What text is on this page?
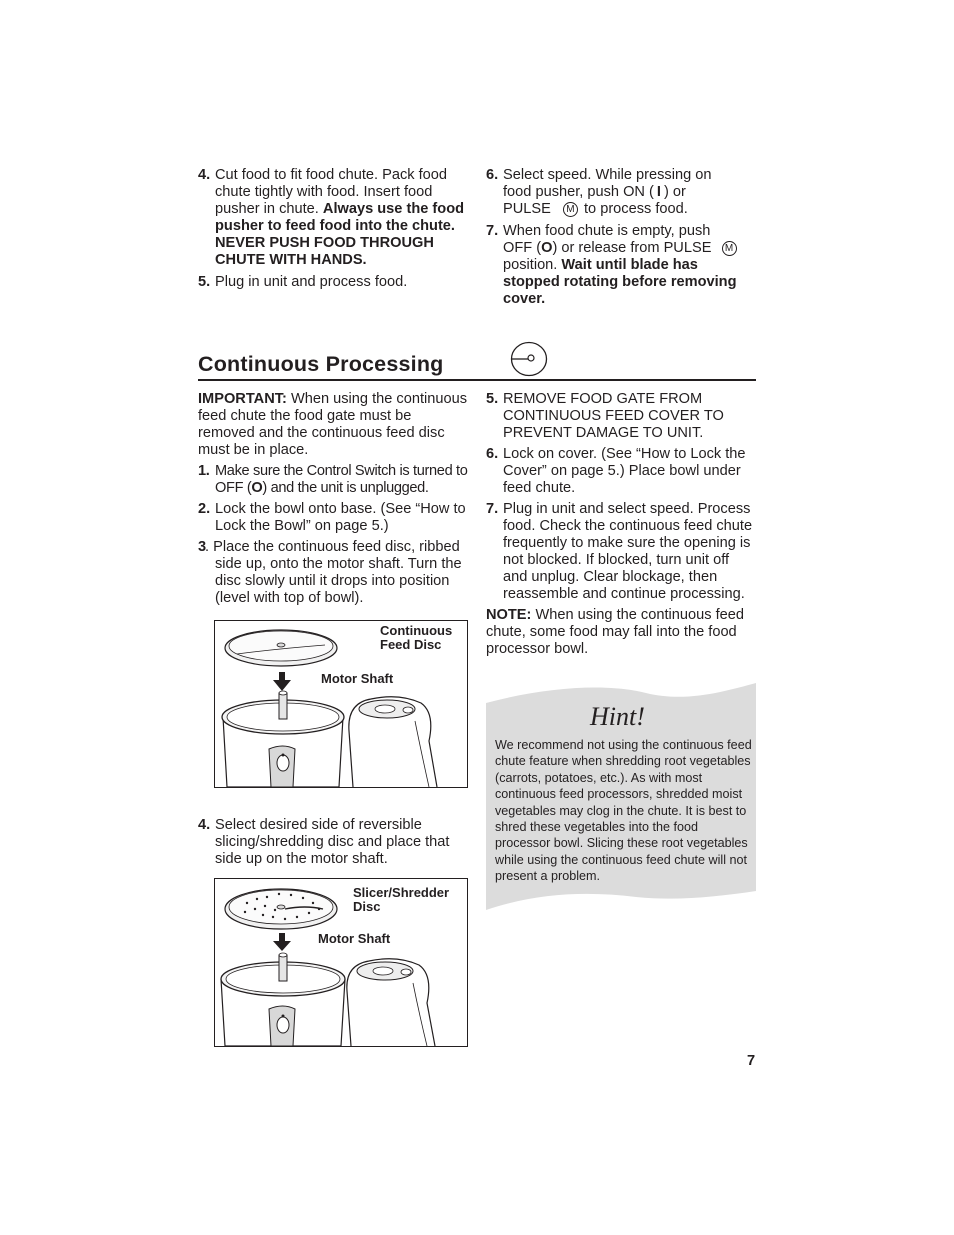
4. Cut food to fit food chute. Pack food chute tightly with food. Insert food pusher in chute. Always use the food pusher to feed food into the chute. NEVER PUSH FOOD THROUGH CHUTE WITH HANDS.
5. Plug in unit and process food.
6. Select speed. While pressing on
food pusher, push ON ( I ) or
PULSE M to process food.
7. When food chute is empty, push
OFF (O) or release from PULSE M
position. Wait until blade has stopped rotating before removing cover.
Continuous Processing
IMPORTANT: When using the continuous feed chute the food gate must be removed and the continuous feed disc must be in place.
1. Make sure the Control Switch is turned to OFF (O) and the unit is unplugged.
2. Lock the bowl onto base. (See “How to Lock the Bowl” on page 5.)
3
. Place the continuous feed disc, ribbed side up, onto the motor shaft. Turn the disc slowly until it drops into position (level with top of bowl).
Continuous
Feed Disc
Motor Shaft
4. Select desired side of reversible slicing/shredding disc and place that side up on the motor shaft.
Slicer/Shredder
Disc
Motor Shaft
5. REMOVE FOOD GATE FROM CONTINUOUS FEED COVER TO PREVENT DAMAGE TO UNIT.
6. Lock on cover. (See “How to Lock the Cover” on page 5.) Place bowl under feed chute.
7. Plug in unit and select speed. Process food. Check the continuous feed chute frequently to make sure the opening is not blocked. If blocked, turn unit off and unplug. Clear blockage, then reassemble and continue processing.
NOTE: When using the continuous feed chute, some food may fall into the food processor bowl.
Hint!
We recommend not using the continuous feed chute feature when shredding root vegetables (carrots, potatoes, etc.). As with most continuous feed processors, shredded moist vegetables may clog in the chute. It is best to shred these vegetables into the food processor bowl. Slicing these root vegetables while using the continuous feed chute will not present a problem.
7
